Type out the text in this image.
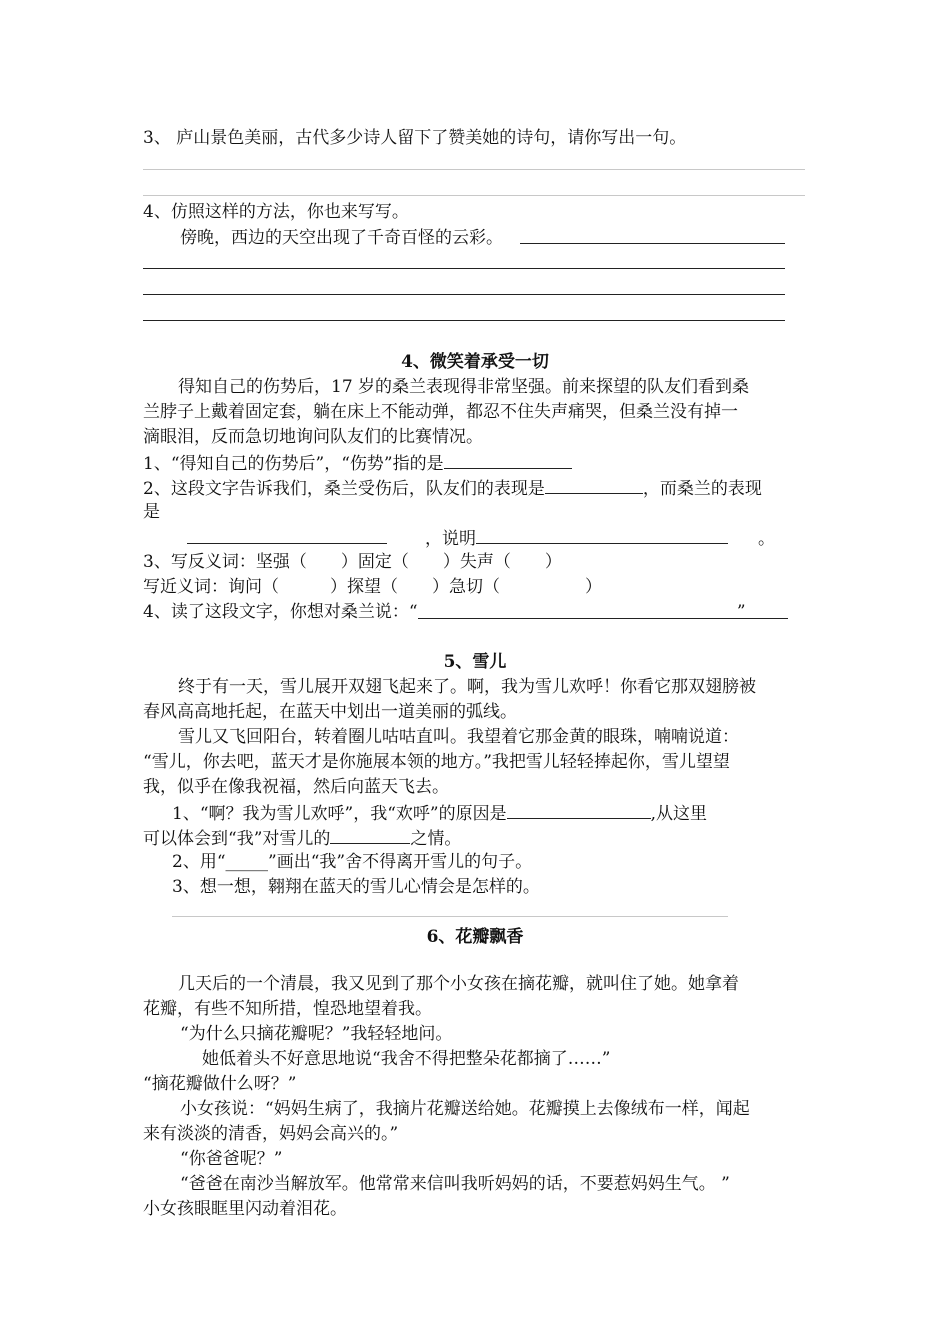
3、 庐山景色美丽，古代多少诗人留下了赞美她的诗句，请你写出一句。
4、仿照这样的方法，你也来写写。
傍晚，西边的天空出现了千奇百怪的云彩。
4、微笑着承受一切
得知自己的伤势后，17 岁的桑兰表现得非常坚强。前来探望的队友们看到桑
兰脖子上戴着固定套，躺在床上不能动弹，都忍不住失声痛哭，但桑兰没有掉一
滴眼泪，反而急切地询问队友们的比赛情况。
1、“得知自己的伤势后”，“伤势”指的是
2、这段文字告诉我们，桑兰受伤后，队友们的表现是	，而桑兰的表现
是
，说明	。
3、写反义词：坚强（　　）固定（　　）失声（　　）
写近义词：询问（　　　）探望（　　）急切（　　　　　）
4、读了这段文字，你想对桑兰说：“	”
5、雪儿
终于有一天，雪儿展开双翅飞起来了。啊，我为雪儿欢呼！你看它那双翅膀被
春风高高地托起，在蓝天中划出一道美丽的弧线。
雪儿又飞回阳台，转着圈儿咕咕直叫。我望着它那金黄的眼珠，喃喃说道：
“雪儿，你去吧，蓝天才是你施展本领的地方。”我把雪儿轻轻捧起你，雪儿望望
我，似乎在像我祝福，然后向蓝天飞去。
1、“啊？我为雪儿欢呼”，我“欢呼”的原因是	,从这里
可以体会到“我”对雪儿的	之情。
2、用“_____”画出“我”舍不得离开雪儿的句子。
3、想一想，翱翔在蓝天的雪儿心情会是怎样的。
6、花瓣飘香
几天后的一个清晨，我又见到了那个小女孩在摘花瓣，就叫住了她。她拿着
花瓣，有些不知所措，惶恐地望着我。
“为什么只摘花瓣呢？”我轻轻地问。
她低着头不好意思地说“我舍不得把整朵花都摘了……”
“摘花瓣做什么呀？”
小女孩说：“妈妈生病了，我摘片花瓣送给她。花瓣摸上去像绒布一样，闻起
来有淡淡的清香，妈妈会高兴的。”
“你爸爸呢？”
“爸爸在南沙当解放军。他常常来信叫我听妈妈的话，不要惹妈妈生气。 ”
小女孩眼眶里闪动着泪花。
